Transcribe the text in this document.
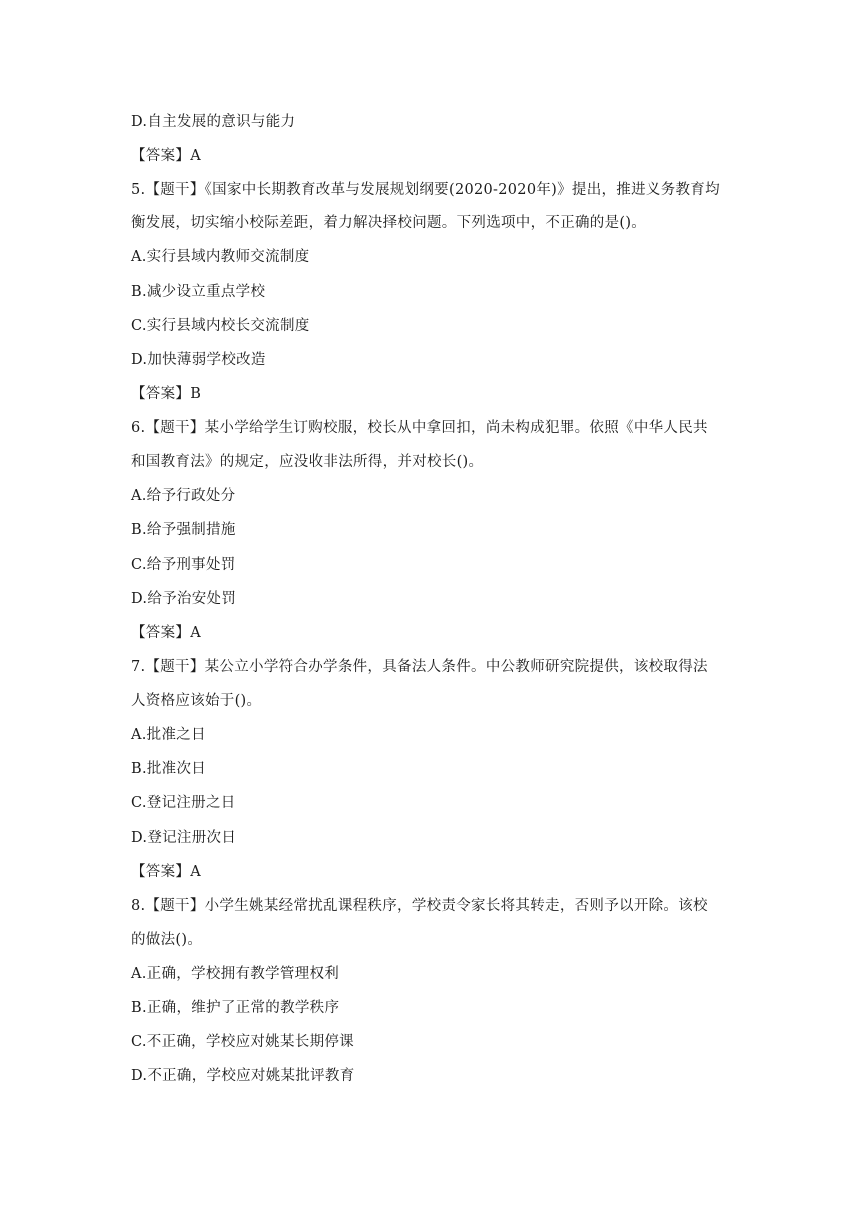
D.自主发展的意识与能力
【答案】A
5.【题干】《国家中长期教育改革与发展规划纲要(2020-2020年)》提出，推进义务教育均
衡发展，切实缩小校际差距，着力解决择校问题。下列选项中，不正确的是()。
A.实行县域内教师交流制度
B.减少设立重点学校
C.实行县域内校长交流制度
D.加快薄弱学校改造
【答案】B
6.【题干】某小学给学生订购校服，校长从中拿回扣，尚未构成犯罪。依照《中华人民共
和国教育法》的规定，应没收非法所得，并对校长()。
A.给予行政处分
B.给予强制措施
C.给予刑事处罚
D.给予治安处罚
【答案】A
7.【题干】某公立小学符合办学条件，具备法人条件。中公教师研究院提供，该校取得法
人资格应该始于()。
A.批准之日
B.批准次日
C.登记注册之日
D.登记注册次日
【答案】A
8.【题干】小学生姚某经常扰乱课程秩序，学校责令家长将其转走，否则予以开除。该校
的做法()。
A.正确，学校拥有教学管理权利
B.正确，维护了正常的教学秩序
C.不正确，学校应对姚某长期停课
D.不正确，学校应对姚某批评教育
